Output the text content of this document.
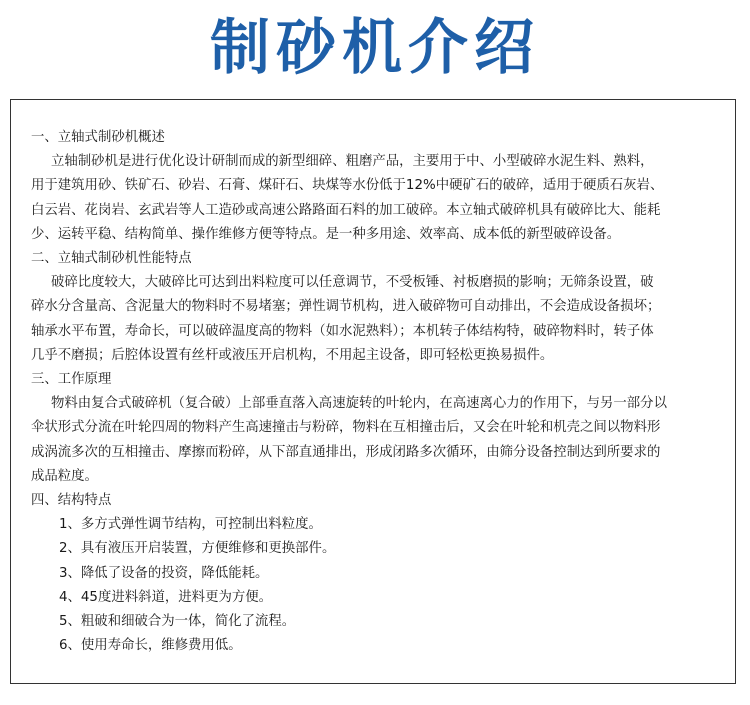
制砂机介绍
一、立轴式制砂机概述
立轴制砂机是进行优化设计研制而成的新型细碎、粗磨产品，主要用于中、小型破碎水泥生料、熟料，
用于建筑用砂、铁矿石、砂岩、石膏、煤矸石、块煤等水份低于12%中硬矿石的破碎，适用于硬质石灰岩、
白云岩、花岗岩、玄武岩等人工造砂或高速公路路面石料的加工破碎。本立轴式破碎机具有破碎比大、能耗
少、运转平稳、结构简单、操作维修方便等特点。是一种多用途、效率高、成本低的新型破碎设备。
二、立轴式制砂机性能特点
破碎比度较大，大破碎比可达到出料粒度可以任意调节，不受板锤、衬板磨损的影响；无筛条设置，破
碎水分含量高、含泥量大的物料时不易堵塞；弹性调节机构，进入破碎物可自动排出，不会造成设备损坏；
轴承水平布置，寿命长，可以破碎温度高的物料（如水泥熟料）；本机转子体结构特，破碎物料时，转子体
几乎不磨损；后腔体设置有丝杆或液压开启机构，不用起主设备，即可轻松更换易损件。
三、工作原理
物料由复合式破碎机（复合破）上部垂直落入高速旋转的叶轮内，在高速离心力的作用下，与另一部分以
伞状形式分流在叶轮四周的物料产生高速撞击与粉碎，物料在互相撞击后，又会在叶轮和机壳之间以物料形
成涡流多次的互相撞击、摩擦而粉碎，从下部直通排出，形成闭路多次循环，由筛分设备控制达到所要求的
成品粒度。
四、结构特点
1、多方式弹性调节结构，可控制出料粒度。
2、具有液压开启装置，方便维修和更换部件。
3、降低了设备的投资，降低能耗。
4、45度进料斜道，进料更为方便。
5、粗破和细破合为一体，简化了流程。
6、使用寿命长，维修费用低。
